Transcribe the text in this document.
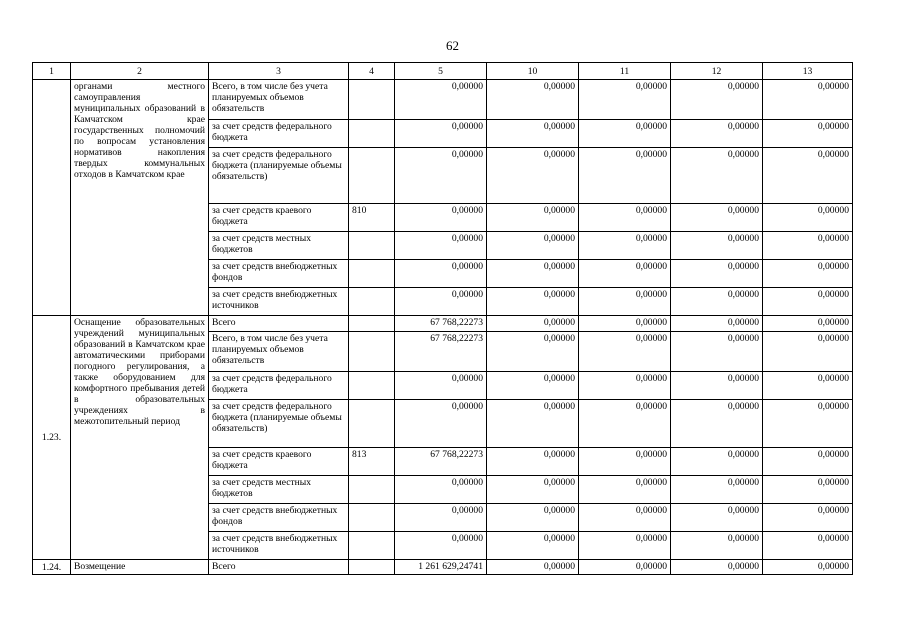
62
1	2	3	4	5	10	11	12	13
	органами местного самоуправления муниципальных образований в Камчатском крае государственных полномочий по вопросам установления нормативов накопления твердых коммунальных отходов в Камчатском крае	Всего, в том числе без учета планируемых объемов обязательств		0,00000	0,00000	0,00000	0,00000	0,00000
		за счет средств федерального бюджета		0,00000	0,00000	0,00000	0,00000	0,00000
		за счет средств федерального бюджета (планируемые объемы обязательств)		0,00000	0,00000	0,00000	0,00000	0,00000
		за счет средств краевого бюджета	810	0,00000	0,00000	0,00000	0,00000	0,00000
		за счет средств местных бюджетов		0,00000	0,00000	0,00000	0,00000	0,00000
		за счет средств внебюджетных фондов		0,00000	0,00000	0,00000	0,00000	0,00000
		за счет средств внебюджетных источников		0,00000	0,00000	0,00000	0,00000	0,00000
1.23.	Оснащение образовательных учреждений муниципальных образований в Камчатском крае автоматическими приборами погодного регулирования, а также оборудованием для комфортного пребывания детей в образовательных учреждениях в межотопительный период	Всего		67 768,22273	0,00000	0,00000	0,00000	0,00000
		Всего, в том числе без учета планируемых объемов обязательств		67 768,22273	0,00000	0,00000	0,00000	0,00000
		за счет средств федерального бюджета		0,00000	0,00000	0,00000	0,00000	0,00000
		за счет средств федерального бюджета (планируемые объемы обязательств)		0,00000	0,00000	0,00000	0,00000	0,00000
		за счет средств краевого бюджета	813	67 768,22273	0,00000	0,00000	0,00000	0,00000
		за счет средств местных бюджетов		0,00000	0,00000	0,00000	0,00000	0,00000
		за счет средств внебюджетных фондов		0,00000	0,00000	0,00000	0,00000	0,00000
		за счет средств внебюджетных источников		0,00000	0,00000	0,00000	0,00000	0,00000
1.24.	Возмещение	Всего		1 261 629,24741	0,00000	0,00000	0,00000	0,00000
